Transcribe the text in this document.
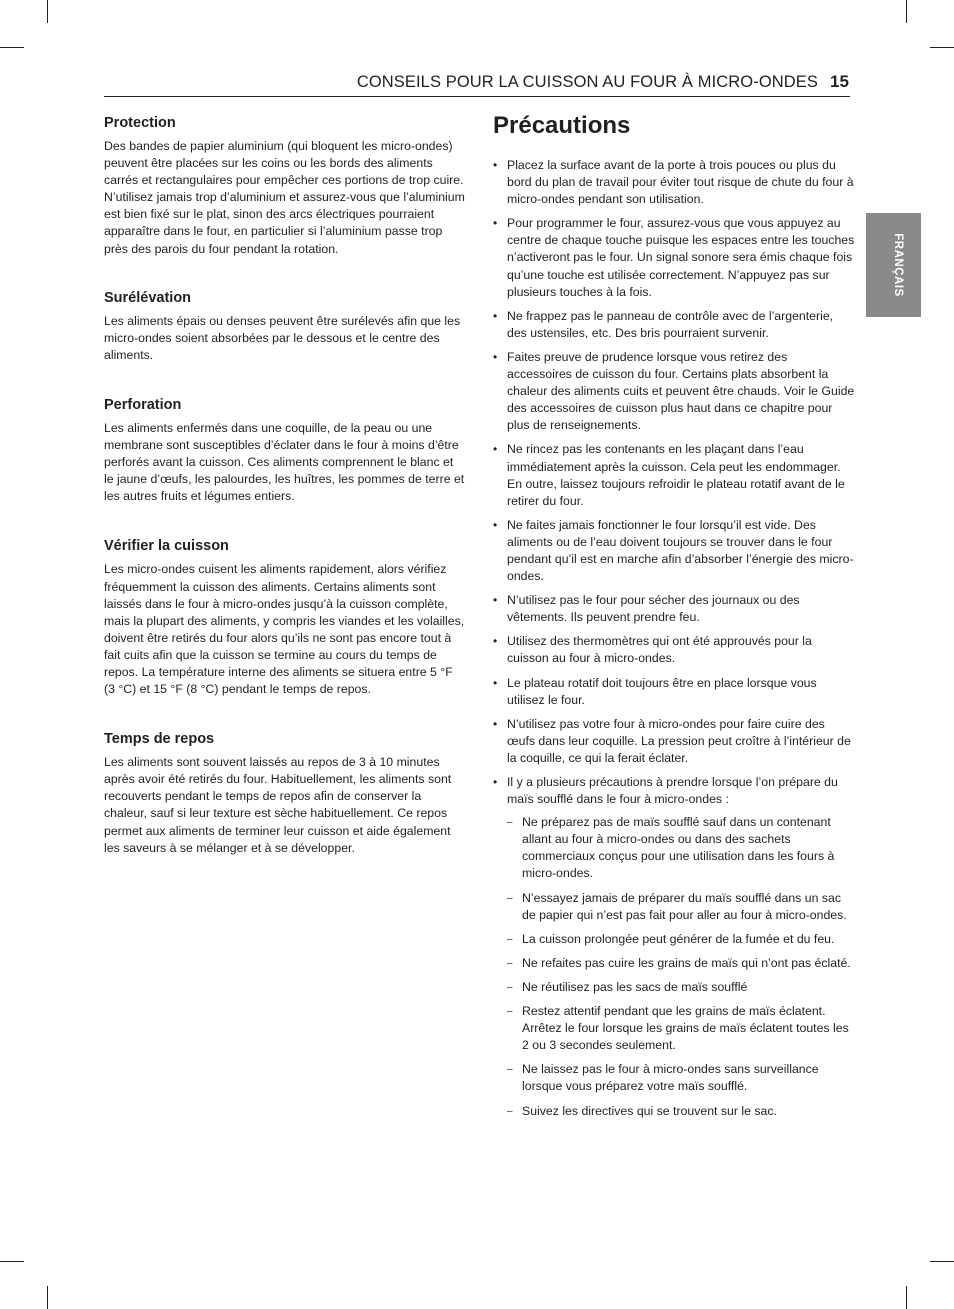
CONSEILS POUR LA CUISSON AU FOUR À MICRO-ONDES 15
FRANÇAIS
Protection

Des bandes de papier aluminium (qui bloquent les micro-ondes) peuvent être placées sur les coins ou les bords des aliments carrés et rectangulaires pour empêcher ces portions de trop cuire. N’utilisez jamais trop d’aluminium et assurez-vous que l’aluminium est bien fixé sur le plat, sinon des arcs électriques pourraient apparaître dans le four, en particulier si l’aluminium passe trop près des parois du four pendant la rotation.

Surélévation

Les aliments épais ou denses peuvent être surélevés afin que les micro-ondes soient absorbées par le dessous et le centre des aliments.

Perforation

Les aliments enfermés dans une coquille, de la peau ou une membrane sont susceptibles d’éclater dans le four à moins d’être perforés avant la cuisson. Ces aliments comprennent le blanc et le jaune d’œufs, les palourdes, les huîtres, les pommes de terre et les autres fruits et légumes entiers.

Vérifier la cuisson

Les micro-ondes cuisent les aliments rapidement, alors vérifiez fréquemment la cuisson des aliments. Certains aliments sont laissés dans le four à micro-ondes jusqu’à la cuisson complète, mais la plupart des aliments, y compris les viandes et les volailles, doivent être retirés du four alors qu’ils ne sont pas encore tout à fait cuits afin que la cuisson se termine au cours du temps de repos. La température interne des aliments se situera entre 5 °F (3 °C) et 15 °F (8 °C) pendant le temps de repos.

Temps de repos

Les aliments sont souvent laissés au repos de 3 à 10 minutes après avoir été retirés du four. Habituellement, les aliments sont recouverts pendant le temps de repos afin de conserver la chaleur, sauf si leur texture est sèche habituellement. Ce repos permet aux aliments de terminer leur cuisson et aide également les saveurs à se mélanger et à se développer.

Précautions
• Placez la surface avant de la porte à trois pouces ou plus du bord du plan de travail pour éviter tout risque de chute du four à micro-ondes pendant son utilisation.
• Pour programmer le four, assurez-vous que vous appuyez au centre de chaque touche puisque les espaces entre les touches n’activeront pas le four. Un signal sonore sera émis chaque fois qu’une touche est utilisée correctement. N’appuyez pas sur plusieurs touches à la fois.
• Ne frappez pas le panneau de contrôle avec de l’argenterie, des ustensiles, etc. Des bris pourraient survenir.
• Faites preuve de prudence lorsque vous retirez des accessoires de cuisson du four. Certains plats absorbent la chaleur des aliments cuits et peuvent être chauds. Voir le Guide des accessoires de cuisson plus haut dans ce chapitre pour plus de renseignements.
• Ne rincez pas les contenants en les plaçant dans l’eau immédiatement après la cuisson. Cela peut les endommager. En outre, laissez toujours refroidir le plateau rotatif avant de le retirer du four.
• Ne faites jamais fonctionner le four lorsqu’il est vide. Des aliments ou de l’eau doivent toujours se trouver dans le four pendant qu’il est en marche afin d’absorber l’énergie des micro-ondes.
• N’utilisez pas le four pour sécher des journaux ou des vêtements. Ils peuvent prendre feu.
• Utilisez des thermomètres qui ont été approuvés pour la cuisson au four à micro-ondes.
• Le plateau rotatif doit toujours être en place lorsque vous utilisez le four.
• N’utilisez pas votre four à micro-ondes pour faire cuire des œufs dans leur coquille. La pression peut croître à l’intérieur de la coquille, ce qui la ferait éclater.
• Il y a plusieurs précautions à prendre lorsque l’on prépare du maïs soufflé dans le four à micro-ondes :
– Ne préparez pas de maïs soufflé sauf dans un contenant allant au four à micro-ondes ou dans des sachets commerciaux conçus pour une utilisation dans les fours à micro-ondes.
– N’essayez jamais de préparer du maïs soufflé dans un sac de papier qui n’est pas fait pour aller au four à micro-ondes.
– La cuisson prolongée peut générer de la fumée et du feu.
– Ne refaites pas cuire les grains de maïs qui n’ont pas éclaté.
– Ne réutilisez pas les sacs de maïs soufflé
– Restez attentif pendant que les grains de maïs éclatent. Arrêtez le four lorsque les grains de maïs éclatent toutes les 2 ou 3 secondes seulement.
– Ne laissez pas le four à micro-ondes sans surveillance lorsque vous préparez votre maïs soufflé.
– Suivez les directives qui se trouvent sur le sac.
